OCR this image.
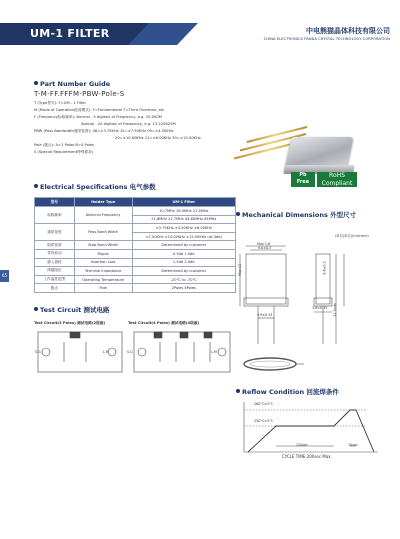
UM-1 FILTER	中电熊猫晶体科技有限公司
CHINA ELECTRONICS PANDA CRYSTAL TECHNOLOGY CORPORATION
65
Part Number Guide
T-M-FF.FFFM-PBW-Pole-S
T (Type型号): F=UM - 1 Filter
M (Mode of Operation振荡模式): F=Fundamental T=Third Overtone, etc
F (Frequency标称频率): Normal - 5 digitals of Frequency, e.g. 10.000M
Special - All digitals of Frequency, e.g. 13.225625M
PBW (Pass Bandwidth通带宽度): 08=±3.75KHz 15=±7.50KHz 09=±4.50KHz
20=±10.00KHz 12=±6.00KHz 30=±15.00KHz
Pole (极点): A=2 Poles B=4 Poles
S (Special Requirement特殊要求)
Pb
Free
RoHS Compliant
Directive 2002/95/EC
Electrical Specifications 电气参数
型号	Holder Type	UM-1 Filter
标称频率	Nominal Frequency	10.7MHz 16.9MHz 21.4MHz
		21.6MHz 21.7MHz 44.85MHz 45MHz
通带宽度	Pass Band Width	±3.75KHz ±4.50KHz ±6.00KHz
		±7.50KHz ±10.00KHz ±15.00KHz (at-3db)
阻带宽度	Stop Band Width	Determined by customer
带内波动	Ripple	0.5db 1.0db
插入损耗	Insertion Loss	1.5db 2.0db
终端阻抗	Terminal Impedance	Determined by customer
工作温度范围	Operating Temperature	-20°C to -70°C
极点	Pole	2Poles 4Poles
Mechanical Dimensions 外型尺寸
(单位(单位)/Unit:mm)
Max 1.6
9.0±0.3
Max 13	8.4±0.3
12.7min
4.9±0.15
3.8±0.15
Test Circuit 测试电路
Test Circuit(2 Poles) 测试电路(2级源)	Test Circuit(4 Poles) 测试电路(4级源)
S.G	L.M	S.G	L.M
Reflow Condition 回流焊条件
260°C±5°C
150°C±5°C
120sec	10sec
CYCLE TIME:200sec Max.
